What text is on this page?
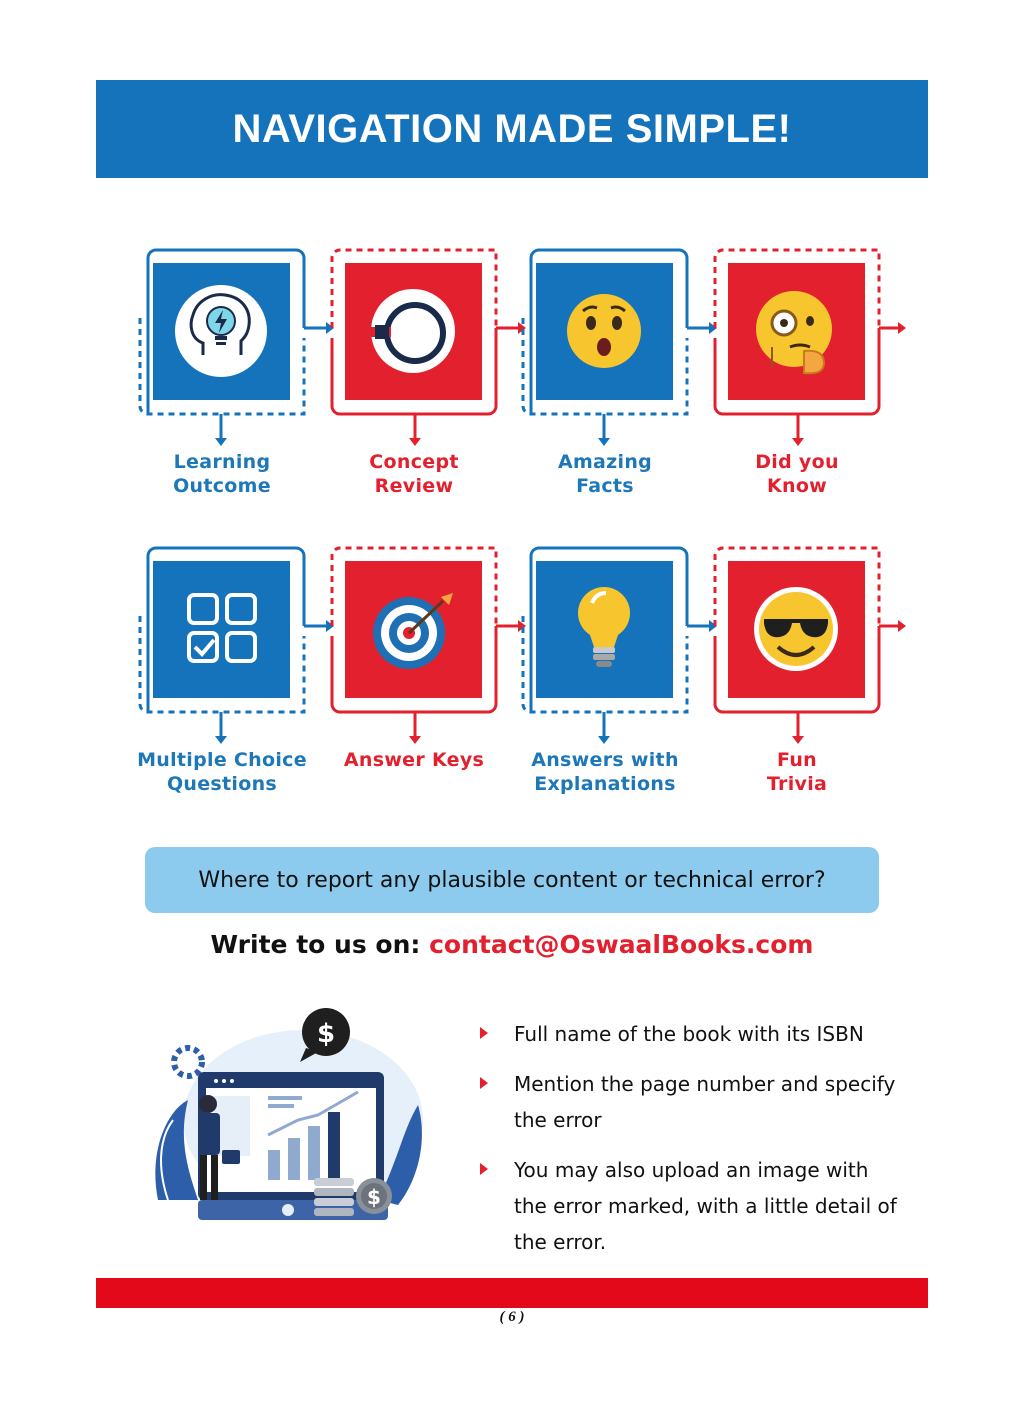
NAVIGATION MADE SIMPLE!
Learning
Outcome
Concept
Review
Amazing
Facts
Did you
Know
Multiple Choice
Questions
Answer Keys	Answers with
Explanations
Fun
Trivia
Where to report any plausible content or technical error?
Write to us on: contact@OswaalBooks.com
$
$
Full name of the book with its ISBN
Mention the page number and specify the error
You may also upload an image with the error marked, with a little detail of the error.
( 6 )
